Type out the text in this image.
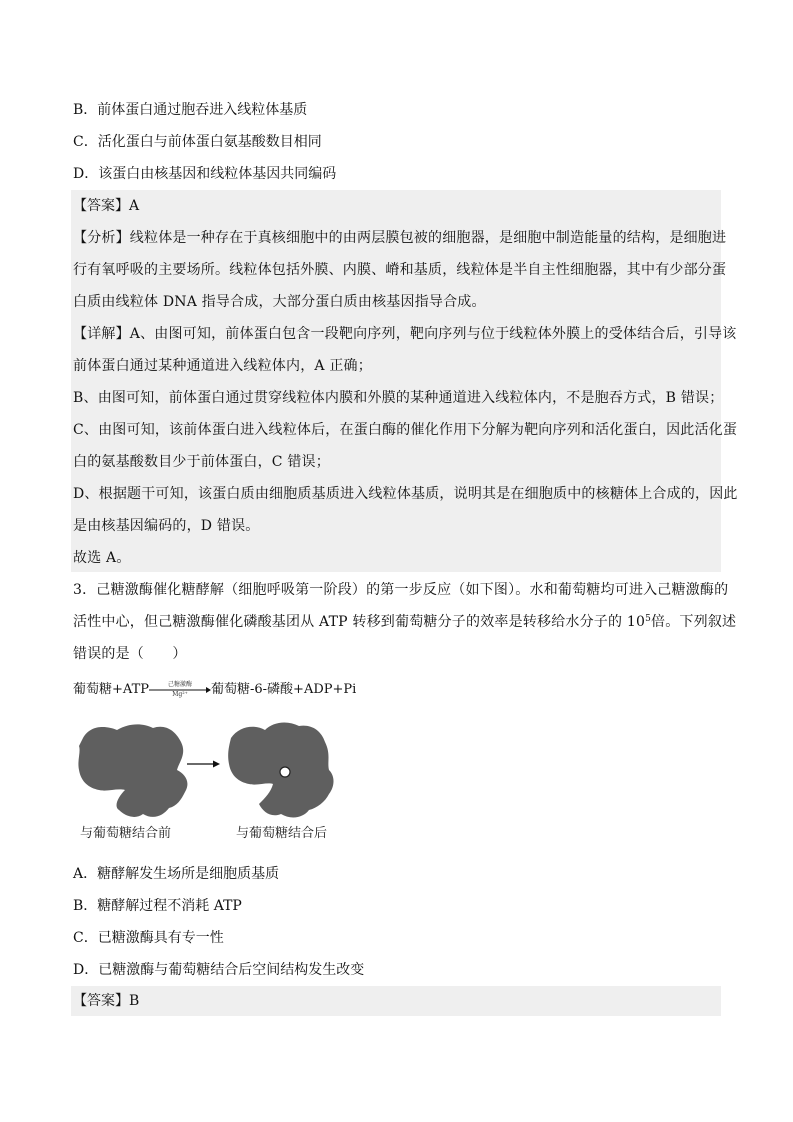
B．前体蛋白通过胞吞进入线粒体基质
C．活化蛋白与前体蛋白氨基酸数目相同
D．该蛋白由核基因和线粒体基因共同编码
【答案】A
【分析】线粒体是一种存在于真核细胞中的由两层膜包被的细胞器，是细胞中制造能量的结构，是细胞进
行有氧呼吸的主要场所。线粒体包括外膜、内膜、嵴和基质，线粒体是半自主性细胞器，其中有少部分蛋
白质由线粒体 DNA 指导合成，大部分蛋白质由核基因指导合成。
【详解】A、由图可知，前体蛋白包含一段靶向序列，靶向序列与位于线粒体外膜上的受体结合后，引导该
前体蛋白通过某种通道进入线粒体内，A 正确；
B、由图可知，前体蛋白通过贯穿线粒体内膜和外膜的某种通道进入线粒体内，不是胞吞方式，B 错误；
C、由图可知，该前体蛋白进入线粒体后，在蛋白酶的催化作用下分解为靶向序列和活化蛋白，因此活化蛋
白的氨基酸数目少于前体蛋白，C 错误；
D、根据题干可知，该蛋白质由细胞质基质进入线粒体基质，说明其是在细胞质中的核糖体上合成的，因此
是由核基因编码的，D 错误。
故选 A。
3．己糖激酶催化糖酵解（细胞呼吸第一阶段）的第一步反应（如下图）。水和葡萄糖均可进入己糖激酶的
活性中心，但己糖激酶催化磷酸基团从 ATP 转移到葡萄糖分子的效率是转移给水分子的 $10^5$倍。下列叙述
错误的是（　　）
葡萄糖+ATP	己糖激酶
Mg²⁺	葡萄糖-6-磷酸+ADP+Pi
与葡萄糖结合前	与葡萄糖结合后
A．糖酵解发生场所是细胞质基质
B．糖酵解过程不消耗 ATP
C．已糖激酶具有专一性
D．已糖激酶与葡萄糖结合后空间结构发生改变
【答案】B
